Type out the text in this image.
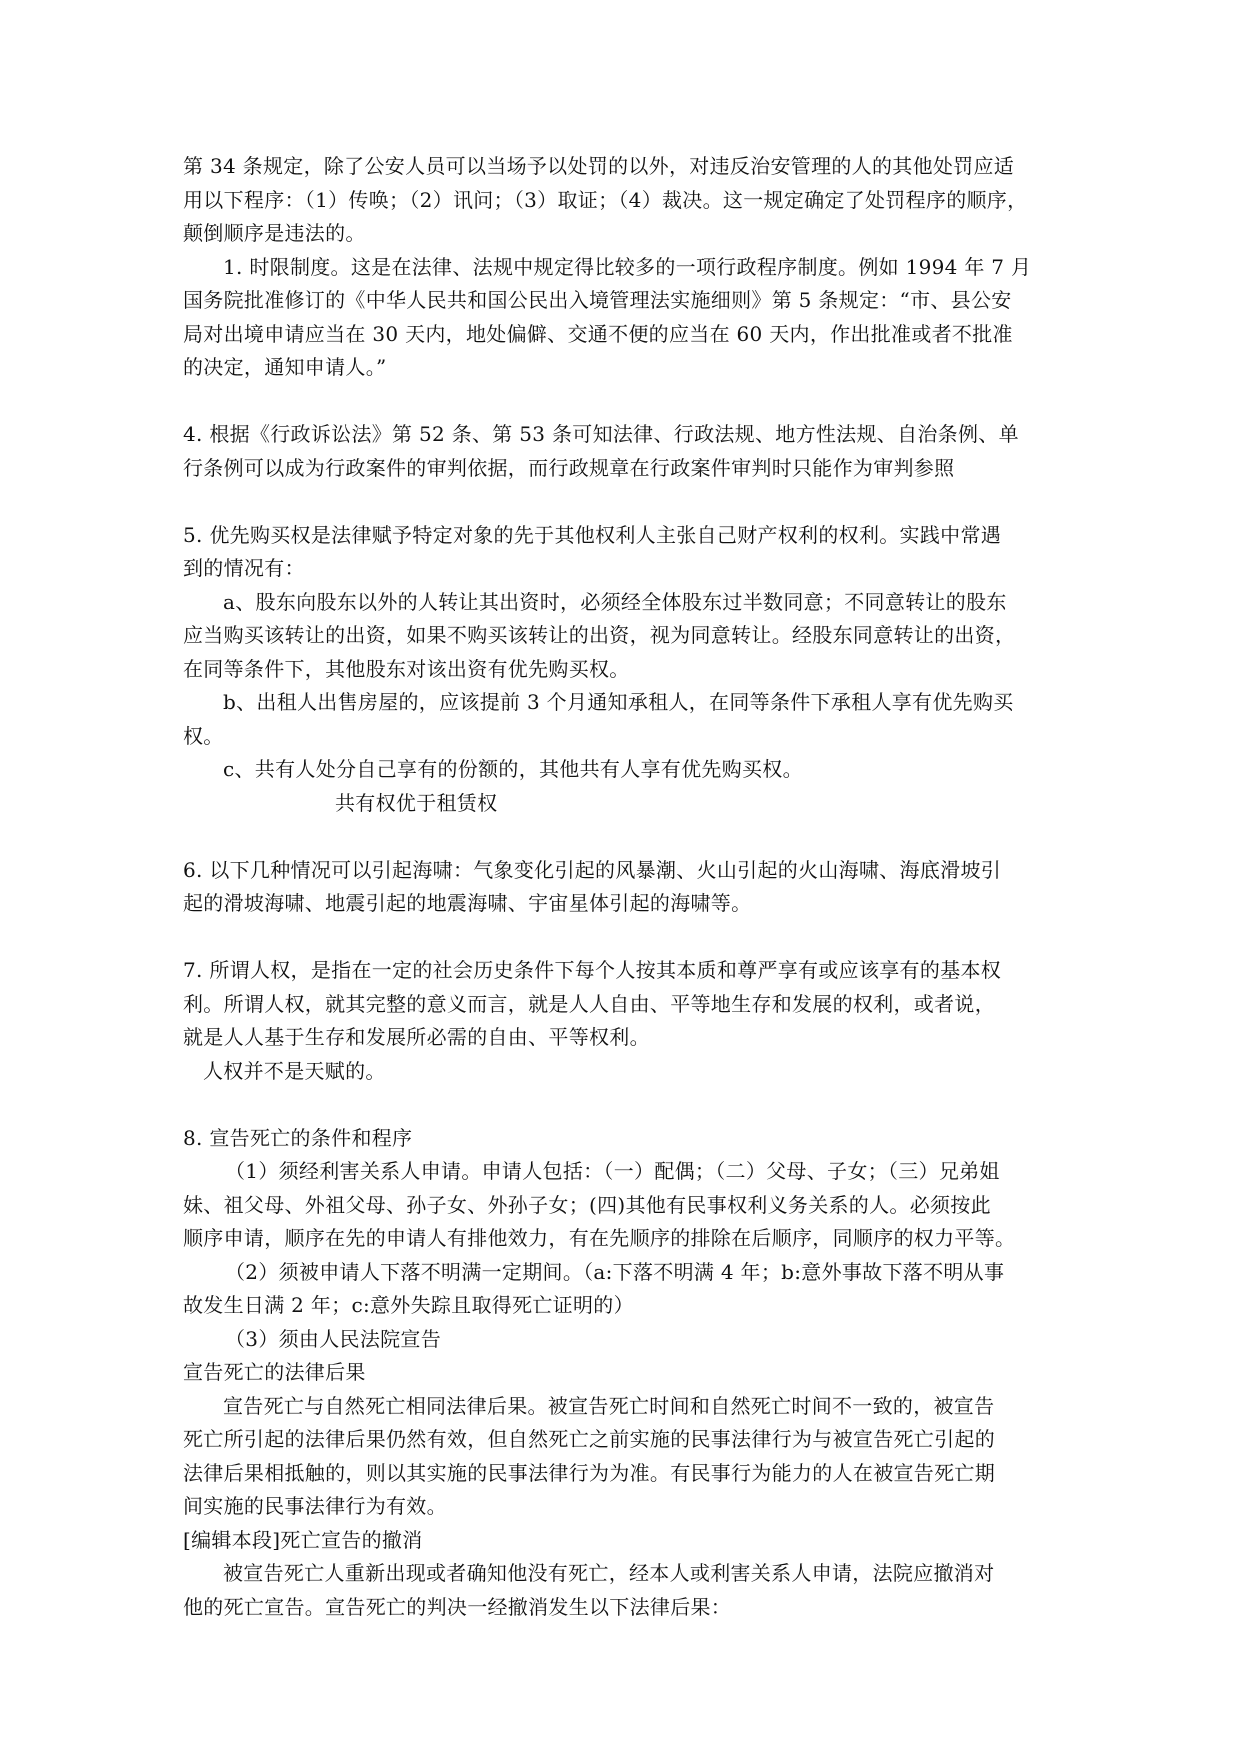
第 34 条规定，除了公安人员可以当场予以处罚的以外，对违反治安管理的人的其他处罚应适
用以下程序：（1）传唤；（2）讯问；（3）取证；（4）裁决。这一规定确定了处罚程序的顺序，
颠倒顺序是违法的。
1. 时限制度。这是在法律、法规中规定得比较多的一项行政程序制度。例如 1994 年 7 月
国务院批准修订的《中华人民共和国公民出入境管理法实施细则》第 5 条规定：“市、县公安
局对出境申请应当在 30 天内，地处偏僻、交通不便的应当在 60 天内，作出批准或者不批准
的决定，通知申请人。”
4. 根据《行政诉讼法》第 52 条、第 53 条可知法律、行政法规、地方性法规、自治条例、单
行条例可以成为行政案件的审判依据，而行政规章在行政案件审判时只能作为审判参照
5. 优先购买权是法律赋予特定对象的先于其他权利人主张自己财产权利的权利。实践中常遇
到的情况有：
a、股东向股东以外的人转让其出资时，必须经全体股东过半数同意；不同意转让的股东
应当购买该转让的出资，如果不购买该转让的出资，视为同意转让。经股东同意转让的出资，
在同等条件下，其他股东对该出资有优先购买权。
b、出租人出售房屋的，应该提前 3 个月通知承租人，在同等条件下承租人享有优先购买
权。
c、共有人处分自己享有的份额的，其他共有人享有优先购买权。
共有权优于租赁权
6. 以下几种情况可以引起海啸：气象变化引起的风暴潮、火山引起的火山海啸、海底滑坡引
起的滑坡海啸、地震引起的地震海啸、宇宙星体引起的海啸等。
7. 所谓人权，是指在一定的社会历史条件下每个人按其本质和尊严享有或应该享有的基本权
利。所谓人权，就其完整的意义而言，就是人人自由、平等地生存和发展的权利，或者说，
就是人人基于生存和发展所必需的自由、平等权利。
人权并不是天赋的。
8. 宣告死亡的条件和程序
（1）须经利害关系人申请。申请人包括：（一）配偶；（二）父母、子女；（三）兄弟姐
妹、祖父母、外祖父母、孙子女、外孙子女；(四)其他有民事权利义务关系的人。必须按此
顺序申请，顺序在先的申请人有排他效力，有在先顺序的排除在后顺序，同顺序的权力平等。
（2）须被申请人下落不明满一定期间。（a:下落不明满 4 年；b:意外事故下落不明从事
故发生日满 2 年；c:意外失踪且取得死亡证明的）
（3）须由人民法院宣告
宣告死亡的法律后果
宣告死亡与自然死亡相同法律后果。被宣告死亡时间和自然死亡时间不一致的，被宣告
死亡所引起的法律后果仍然有效，但自然死亡之前实施的民事法律行为与被宣告死亡引起的
法律后果相抵触的，则以其实施的民事法律行为为准。有民事行为能力的人在被宣告死亡期
间实施的民事法律行为有效。
[编辑本段]死亡宣告的撤消
被宣告死亡人重新出现或者确知他没有死亡，经本人或利害关系人申请，法院应撤消对
他的死亡宣告。宣告死亡的判决一经撤消发生以下法律后果：
